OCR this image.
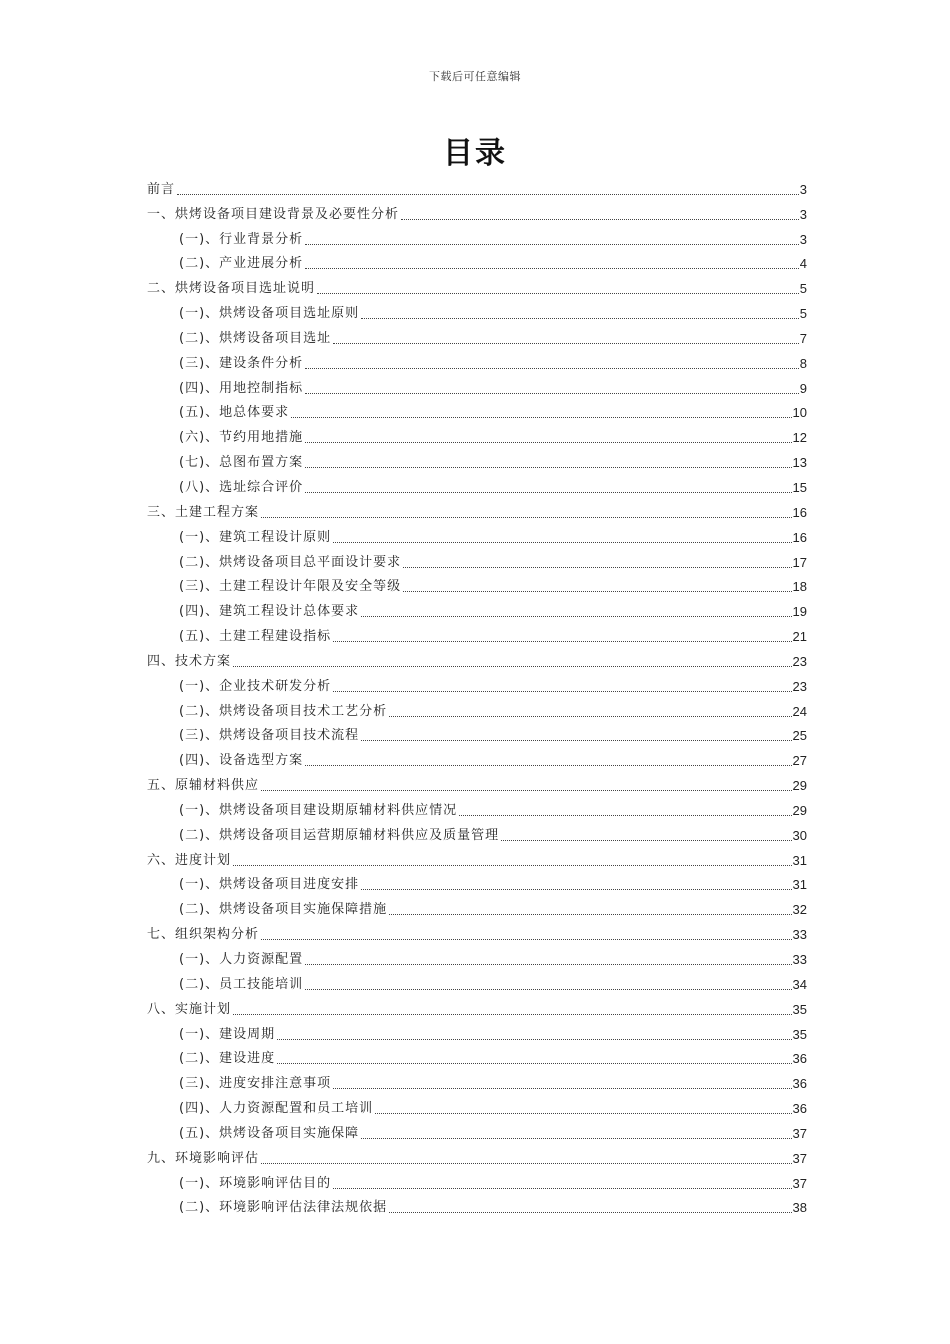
下载后可任意编辑
目录
前言	3
一、烘烤设备项目建设背景及必要性分析	3
(一)、行业背景分析	3
(二)、产业进展分析	4
二、烘烤设备项目选址说明	5
(一)、烘烤设备项目选址原则	5
(二)、烘烤设备项目选址	7
(三)、建设条件分析	8
(四)、用地控制指标	9
(五)、地总体要求	10
(六)、节约用地措施	12
(七)、总图布置方案	13
(八)、选址综合评价	15
三、土建工程方案	16
(一)、建筑工程设计原则	16
(二)、烘烤设备项目总平面设计要求	17
(三)、土建工程设计年限及安全等级	18
(四)、建筑工程设计总体要求	19
(五)、土建工程建设指标	21
四、技术方案	23
(一)、企业技术研发分析	23
(二)、烘烤设备项目技术工艺分析	24
(三)、烘烤设备项目技术流程	25
(四)、设备选型方案	27
五、原辅材料供应	29
(一)、烘烤设备项目建设期原辅材料供应情况	29
(二)、烘烤设备项目运营期原辅材料供应及质量管理	30
六、进度计划	31
(一)、烘烤设备项目进度安排	31
(二)、烘烤设备项目实施保障措施	32
七、组织架构分析	33
(一)、人力资源配置	33
(二)、员工技能培训	34
八、实施计划	35
(一)、建设周期	35
(二)、建设进度	36
(三)、进度安排注意事项	36
(四)、人力资源配置和员工培训	36
(五)、烘烤设备项目实施保障	37
九、环境影响评估	37
(一)、环境影响评估目的	37
(二)、环境影响评估法律法规依据	38
